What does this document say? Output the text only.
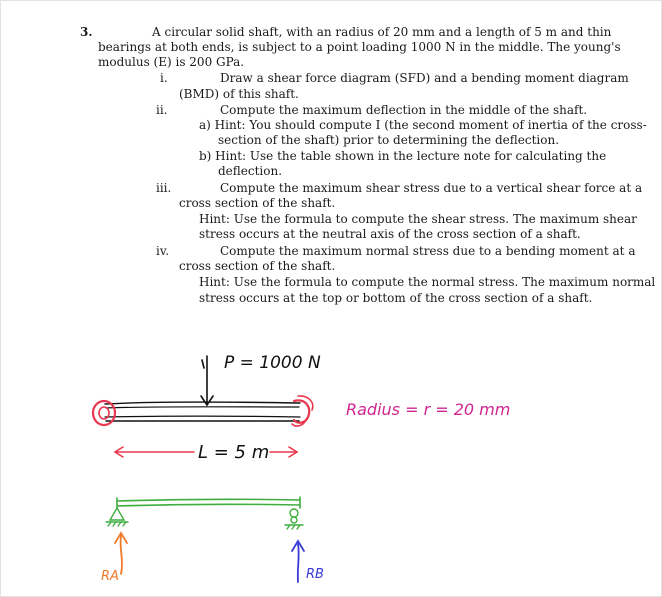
3.	A circular solid shaft, with an radius of 20 mm and a length of 5 m and thin
bearings at both ends, is subject to a point loading 1000 N in the middle. The young's
modulus (E) is 200 GPa.
i.	Draw a shear force diagram (SFD) and a bending moment diagram
(BMD) of this shaft.
ii.	Compute the maximum deflection in the middle of the shaft.
a) Hint: You should compute I (the second moment of inertia of the cross-
section of the shaft) prior to determining the deflection.
b) Hint: Use the table shown in the lecture note for calculating the
deflection.
iii.	Compute the maximum shear stress due to a vertical shear force at a
cross section of the shaft.
Hint: Use the formula to compute the shear stress. The maximum shear
stress occurs at the neutral axis of the cross section of a shaft.
iv.	Compute the maximum normal stress due to a bending moment at a
cross section of the shaft.
Hint: Use the formula to compute the normal stress. The maximum normal
stress occurs at the top or bottom of the cross section of a shaft.
P = 1000 N
Radius = r = 20 mm
L = 5 m
RA	RB
